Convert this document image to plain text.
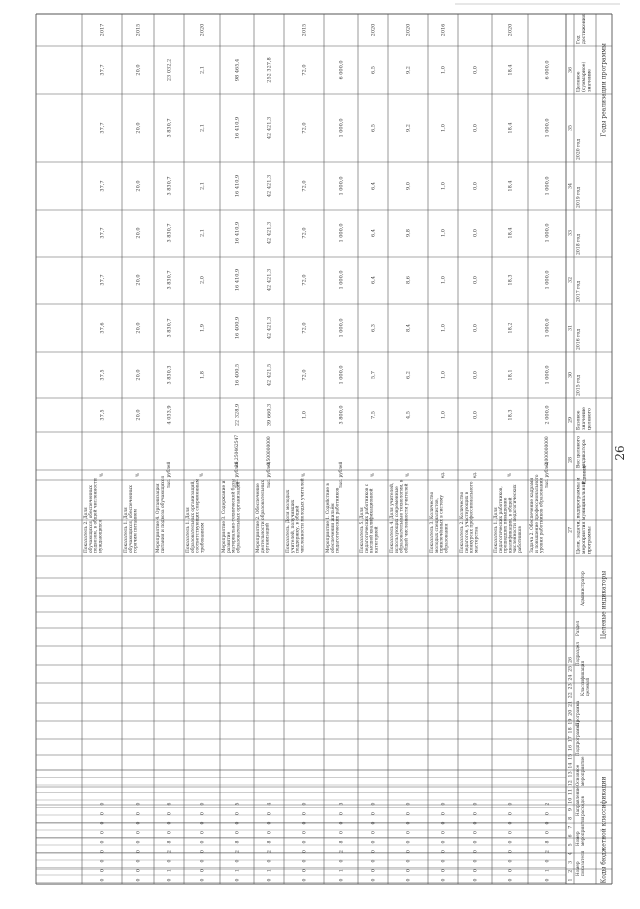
26
Годы реализации программы
Целевые индикаторы
Коды бюджетной классификации
Год достижения
Целевое (суммарное) значение
2020 год
2019 год
2018 год
2017 год
2016 год
2015 год
Базовое значение целевого
Вес целевого индикатора
Единиц
Цели, задачи, подпрограммы и мероприятия муниципальной программы
Администратор
Раздел
Подраздел
Классификация целевой
Программа
Подпрограмма
Основное мероприятие
Направление расходов
Номер мероприятия
Номер показателя
1
2
3
4
5
6
7
8
9
10
11
12
13
14
15
16
17
18
19
20
21
22
23
24
25
26
27
28
29
30
31
32
33
34
35
36
Задача 2. Обеспечение кадрами и повышение профессионального уровня работников образования
тыс. рублей
2,000000000
2 000,0
1 000,0
1 000,0
1 000,0
1 000,0
1 000,0
1 000,0
6 000,0
0
1
0
2
8
0
0
0
2
Показатель 1. Доля педагогических работников, прошедших повышение квалификации, в общей численности педагогических работников
%
18,3
18,1
18,2
18,3
18,4
18,4
18,4
18,4
2020
0
0
0
0
0
0
0
0
0
Показатель 2. Количество педагогов, участвующих в конкурсах профессионального мастерства
ед.
0,0
0,0
0,0
0,0
0,0
0,0
0,0
0,0
0
0
0
0
0
0
0
0
0
Показатель 3. Количество молодых специалистов, привлечённых в систему образования
ед.
1,0
1,0
1,0
1,0
1,0
1,0
1,0
1,0
2016
0
0
0
0
0
0
0
0
0
Показатель 4. Доля учителей, использующих современные образовательные технологии, в общей численности учителей
%
4,5
6,2
8,4
8,6
9,8
9,0
9,2
9,2
2020
0
0
0
0
0
0
0
0
0
Показатель 5. Доля педагогических работников с высшей квалификационной категорией
%
7,5
5,7
6,3
6,4
6,4
6,4
6,5
6,5
2020
0
0
0
0
0
0
0
0
0
Мероприятие 1. Содействие в обеспечении жильём педагогических работников
тыс. рублей
3 800,0
1 000,0
1 000,0
1 000,0
1 000,0
1 000,0
1 000,0
6 000,0
0
1
0
2
8
0
0
0
3
Показатель. Доля молодых учителей, получивших поддержку, в общей численности молодых учителей
%
1,0
72,0
72,0
72,0
72,0
72,0
72,0
72,0
2015
0
0
0
0
0
0
0
0
0
Мероприятие 2. Обеспечение деятельности образовательных организаций
тыс. рублей
0,500000000
39 660,3
42 421,5
42 421,3
42 421,3
42 421,3
42 421,3
42 421,3
252 327,8
0
1
0
2
8
0
0
0
4
Мероприятие 3. Содержание и развитие материально-технической базы образовательных организаций
тыс. рублей
26,250462547
22 328,9
16 400,5
16 400,9
16 410,9
16 410,9
16 410,9
16 410,9
98 465,4
0
1
0
2
8
0
0
0
5
Показатель 1. Доля образовательных организаций, соответствующих современным требованиям
%
1,8
1,9
2,0
2,1
2,1
2,1
2,1
2020
0
0
0
0
0
0
0
0
0
Мероприятие 4. Организация питания и подвоза обучающихся
тыс. рублей
4 033,9
3 830,3
3 830,7
3 830,7
3 830,7
3 830,7
3 830,7
23 032,2
0
1
0
2
8
0
0
0
6
Показатель 1. Доля обучающихся, обеспеченных горячим питанием
%
20,0
20,0
20,0
20,0
20,0
20,0
20,0
20,0
2015
0
0
0
0
0
0
0
0
0
Показатель 2. Доля обучающихся, обеспеченных подвозом, в общей численности нуждающихся
%
37,5
37,5
37,6
37,7
37,7
37,7
37,7
37,7
2017
0
0
0
0
0
0
0
0
0
